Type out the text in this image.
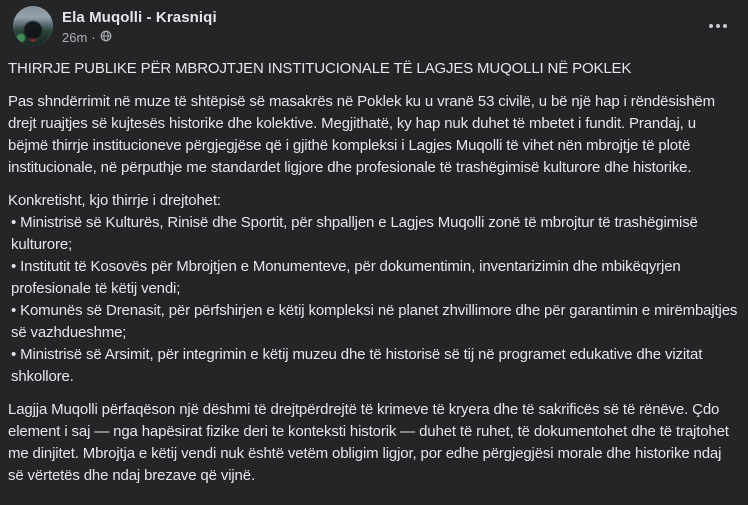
Ela Muqolli - Krasniqi
26m ·

THIRRJE PUBLIKE PËR MBROJTJEN INSTITUCIONALE TË LAGJES MUQOLLI NË POKLEK

Pas shndërrimit në muze të shtëpisë së masakrës në Poklek ku u vranë 53 civilë, u bë një hap i rëndësishëm drejt ruajtjes së kujtesës historike dhe kolektive. Megjithatë, ky hap nuk duhet të mbetet i fundit. Prandaj, u bëjmë thirrje institucioneve përgjegjëse që i gjithë kompleksi i Lagjes Muqolli të vihet nën mbrojtje të plotë institucionale, në përputhje me standardet ligjore dhe profesionale të trashëgimisë kulturore dhe historike.

Konkretisht, kjo thirrje i drejtohet:
• Ministrisë së Kulturës, Rinisë dhe Sportit, për shpalljen e Lagjes Muqolli zonë të mbrojtur të trashëgimisë kulturore;
• Institutit të Kosovës për Mbrojtjen e Monumenteve, për dokumentimin, inventarizimin dhe mbikëqyrjen profesionale të këtij vendi;
• Komunës së Drenasit, për përfshirjen e këtij kompleksi në planet zhvillimore dhe për garantimin e mirëmbajtjes së vazhdueshme;
• Ministrisë së Arsimit, për integrimin e këtij muzeu dhe të historisë së tij në programet edukative dhe vizitat shkollore.

Lagjja Muqolli përfaqëson një dëshmi të drejtpërdrejtë të krimeve të kryera dhe të sakrificës së të rënëve. Çdo element i saj — nga hapësirat fizike deri te konteksti historik — duhet të ruhet, të dokumentohet dhe të trajtohet me dinjitet. Mbrojtja e këtij vendi nuk është vetëm obligim ligjor, por edhe përgjegjësi morale dhe historike ndaj së vërtetës dhe ndaj brezave që vijnë.
